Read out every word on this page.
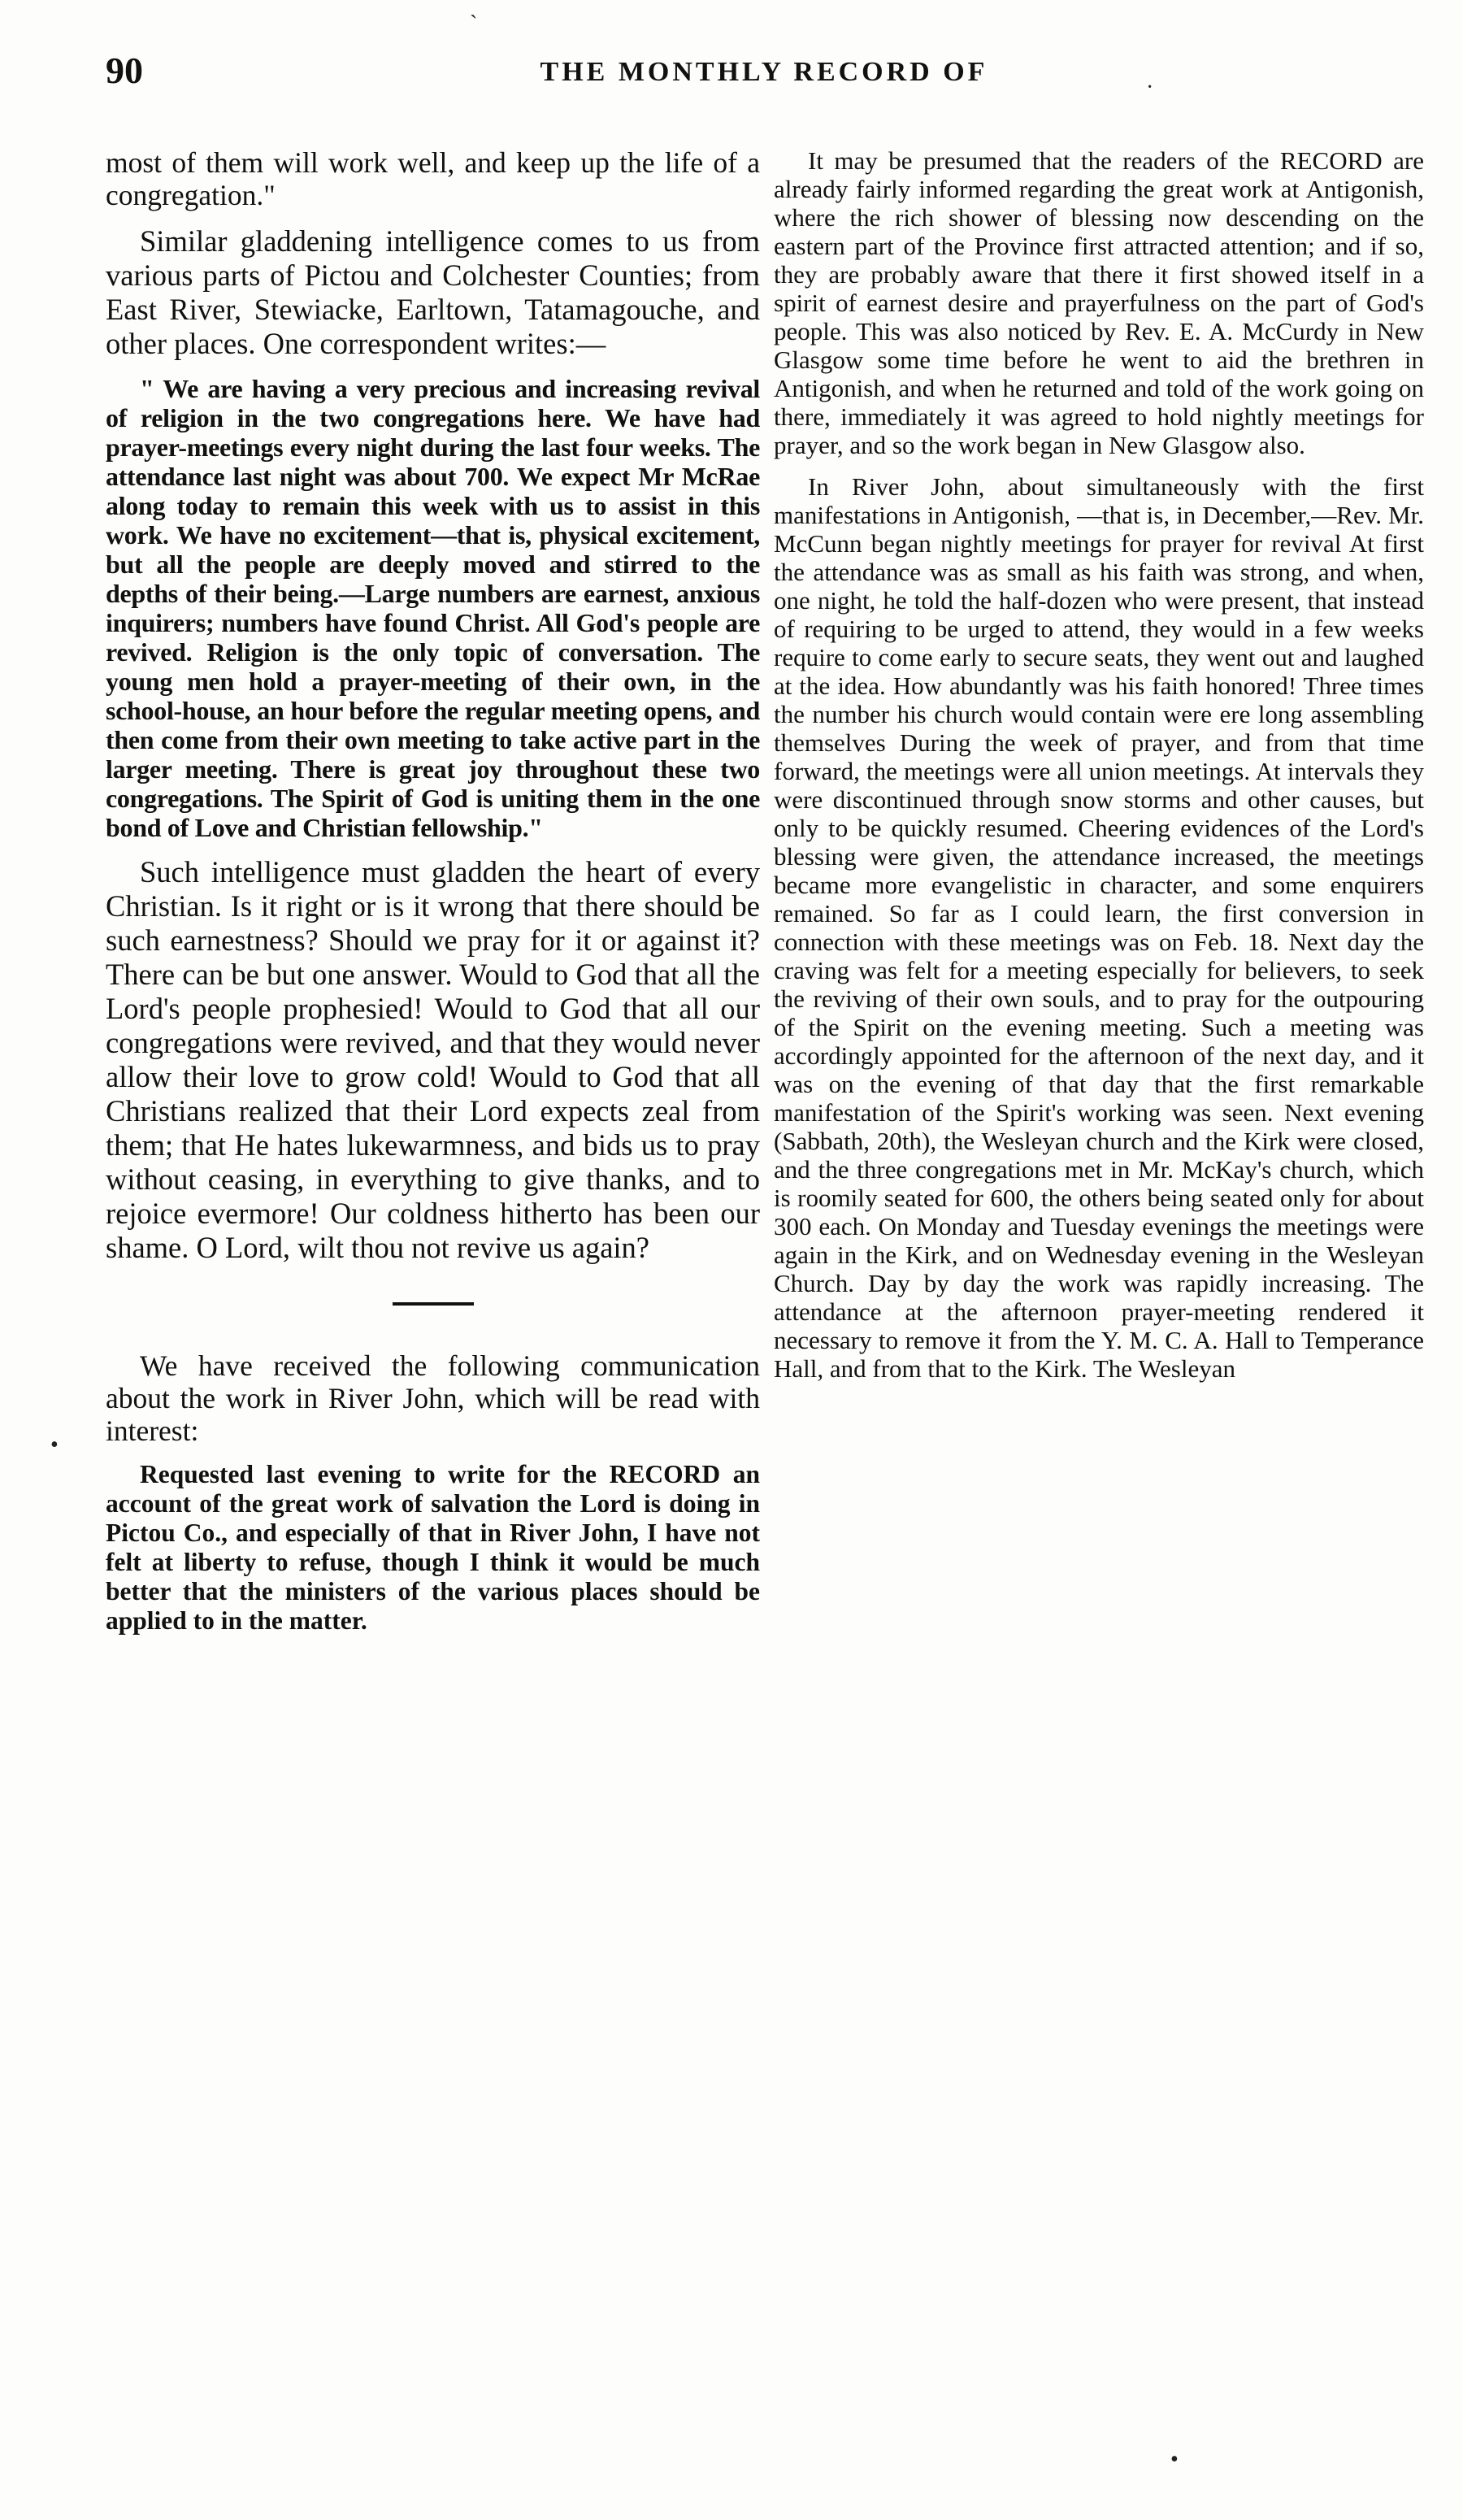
90	THE MONTHLY RECORD OF
ˋ
·
•
•

most of them will work well, and keep up the life of a congregation."

Similar gladdening intelligence comes to us from various parts of Pictou and Colchester Counties; from East River, Stewiacke, Earltown, Tatamagouche, and other places. One correspondent writes:—

" We are having a very precious and increasing revival of religion in the two congregations here. We have had prayer-meetings every night during the last four weeks. The attendance last night was about 700. We expect Mr McRae along today to remain this week with us to assist in this work. We have no excitement—that is, physical excitement, but all the people are deeply moved and stirred to the depths of their being.—Large numbers are earnest, anxious inquirers; numbers have found Christ. All God's people are revived. Religion is the only topic of conversation. The young men hold a prayer-meeting of their own, in the school-house, an hour before the regular meeting opens, and then come from their own meeting to take active part in the larger meeting. There is great joy throughout these two congregations. The Spirit of God is uniting them in the one bond of Love and Christian fellowship."

Such intelligence must gladden the heart of every Christian. Is it right or is it wrong that there should be such earnestness? Should we pray for it or against it? There can be but one answer. Would to God that all the Lord's people prophesied! Would to God that all our congregations were revived, and that they would never allow their love to grow cold! Would to God that all Christians realized that their Lord expects zeal from them; that He hates lukewarmness, and bids us to pray without ceasing, in everything to give thanks, and to rejoice evermore! Our coldness hitherto has been our shame. O Lord, wilt thou not revive us again?

We have received the following communication about the work in River John, which will be read with interest:

Requested last evening to write for the RECORD an account of the great work of salvation the Lord is doing in Pictou Co., and especially of that in River John, I have not felt at liberty to refuse, though I think it would be much better that the ministers of the various places should be applied to in the matter.

It may be presumed that the readers of the RECORD are already fairly informed regarding the great work at Antigonish, where the rich shower of blessing now descending on the eastern part of the Province first attracted attention; and if so, they are probably aware that there it first showed itself in a spirit of earnest desire and prayerfulness on the part of God's people. This was also noticed by Rev. E. A. McCurdy in New Glasgow some time before he went to aid the brethren in Antigonish, and when he returned and told of the work going on there, immediately it was agreed to hold nightly meetings for prayer, and so the work began in New Glasgow also.

In River John, about simultaneously with the first manifestations in Antigonish, —that is, in December,—Rev. Mr. McCunn began nightly meetings for prayer for revival At first the attendance was as small as his faith was strong, and when, one night, he told the half-dozen who were present, that instead of requiring to be urged to attend, they would in a few weeks require to come early to secure seats, they went out and laughed at the idea. How abundantly was his faith honored! Three times the number his church would contain were ere long assembling themselves During the week of prayer, and from that time forward, the meetings were all union meetings. At intervals they were discontinued through snow storms and other causes, but only to be quickly resumed. Cheering evidences of the Lord's blessing were given, the attendance increased, the meetings became more evangelistic in character, and some enquirers remained. So far as I could learn, the first conversion in connection with these meetings was on Feb. 18. Next day the craving was felt for a meeting especially for believers, to seek the reviving of their own souls, and to pray for the outpouring of the Spirit on the evening meeting. Such a meeting was accordingly appointed for the afternoon of the next day, and it was on the evening of that day that the first remarkable manifestation of the Spirit's working was seen. Next evening (Sabbath, 20th), the Wesleyan church and the Kirk were closed, and the three congregations met in Mr. McKay's church, which is roomily seated for 600, the others being seated only for about 300 each. On Monday and Tuesday evenings the meetings were again in the Kirk, and on Wednesday evening in the Wesleyan Church. Day by day the work was rapidly increasing. The attendance at the afternoon prayer-meeting rendered it necessary to remove it from the Y. M. C. A. Hall to Temperance Hall, and from that to the Kirk. The Wesleyan
